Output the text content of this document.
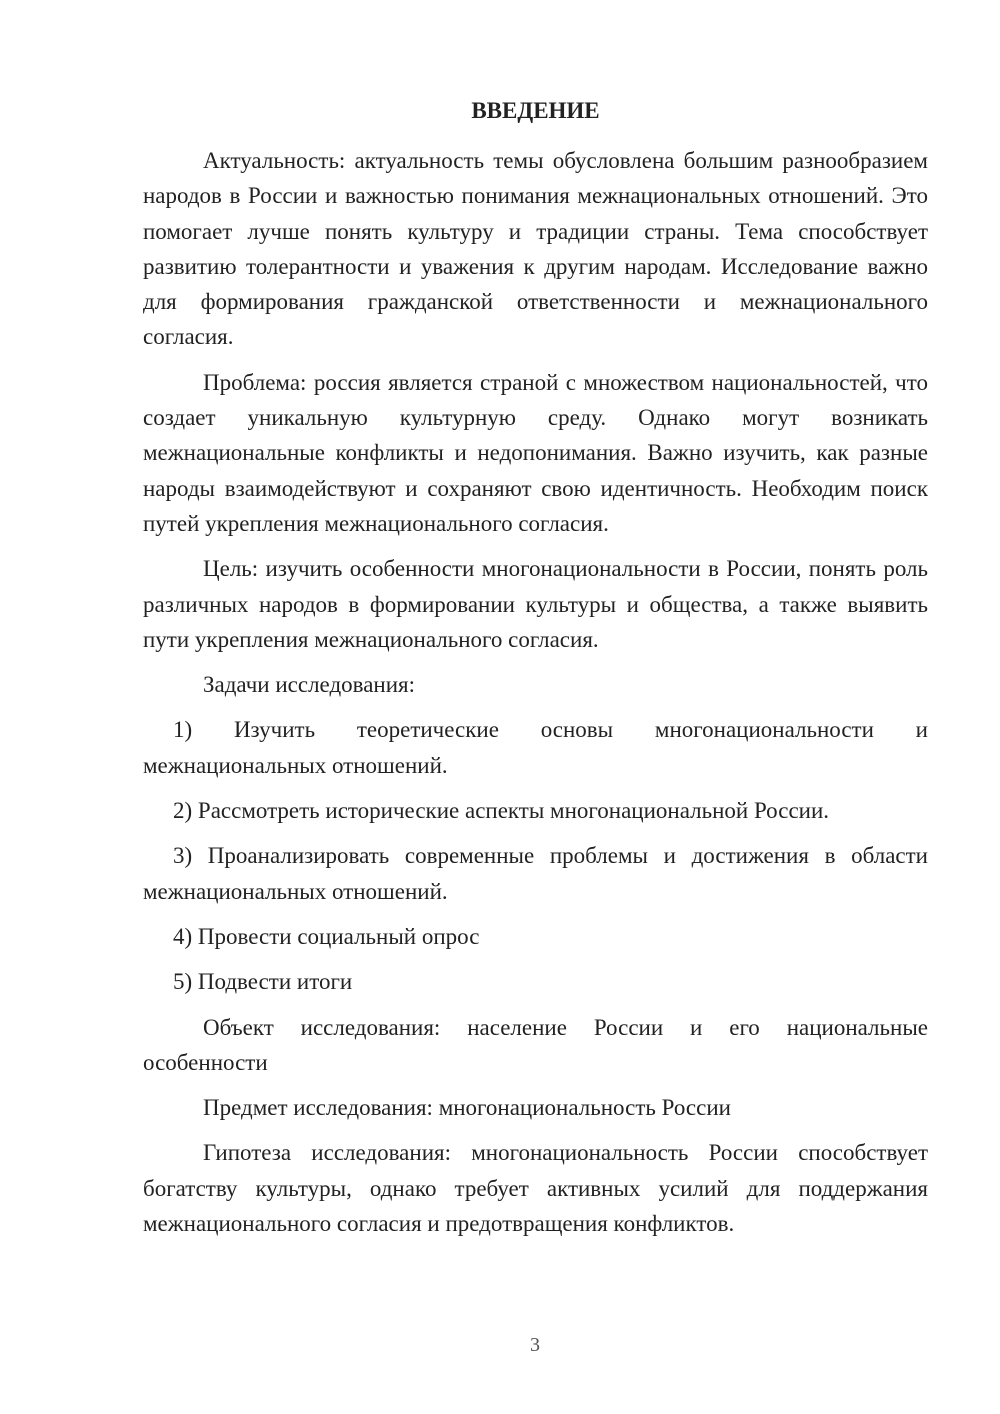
ВВЕДЕНИЕ

Актуальность: актуальность темы обусловлена большим разнообразием народов в России и важностью понимания межнациональных отношений. Это помогает лучше понять культуру и традиции страны. Тема способствует развитию толерантности и уважения к другим народам. Исследование важно для формирования гражданской ответственности и межнационального согласия.

Проблема: россия является страной с множеством национальностей, что создает уникальную культурную среду. Однако могут возникать межнациональные конфликты и недопонимания. Важно изучить, как разные народы взаимодействуют и сохраняют свою идентичность. Необходим поиск путей укрепления межнационального согласия.

Цель: изучить особенности многонациональности в России, понять роль различных народов в формировании культуры и общества, а также выявить пути укрепления межнационального согласия.

Задачи исследования:

1) Изучить теоретические основы многонациональности и межнациональных отношений.

2) Рассмотреть исторические аспекты многонациональной России.

3) Проанализировать современные проблемы и достижения в области межнациональных отношений.

4) Провести социальный опрос

5) Подвести итоги

Объект исследования: население России и его национальные особенности

Предмет исследования: многонациональность России

Гипотеза исследования: многонациональность России способствует богатству культуры, однако требует активных усилий для поддержания межнационального согласия и предотвращения конфликтов.

3
